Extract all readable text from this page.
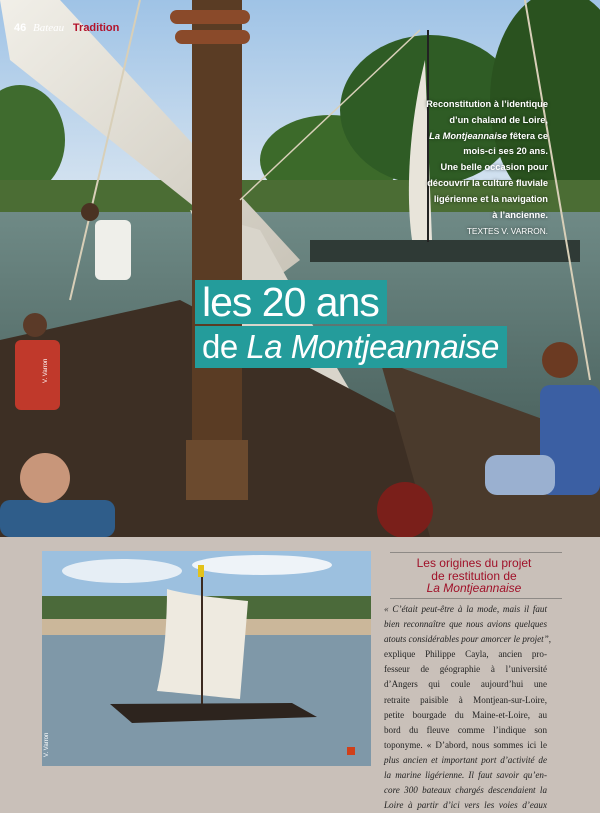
46 Bateau Tradition
Reconstitution à l’identique
d’un chaland de Loire,
La Montjeannaise fêtera ce
mois-ci ses 20 ans.
Une belle occasion pour
découvrir la culture fluviale
ligérienne et la navigation
à l’ancienne.
TEXTES V. VARRON.
les 20 ans
de La Montjeannaise
V. Varron
V. Varron
Les origines du projet
de restitution de
La Montjeannaise
« C’était peut-être à la mode, mais il faut
bien reconnaître que nous avions quelques
atouts considérables pour amorcer le projet”,
explique Philippe Cayla, ancien pro-
fesseur de géographie à l’université
d’Angers qui coule aujourd’hui une
retraite paisible à Montjean-sur-Loire,
petite bourgade du Maine-et-Loire, au
bord du fleuve comme l’indique son
toponyme. « D’abord, nous sommes ici le
plus ancien et important port d’activité de
la marine ligérienne. Il faut savoir qu’en-
core 300 bateaux chargés descendaient la
Loire à partir d’ici vers les voies d’eaux
